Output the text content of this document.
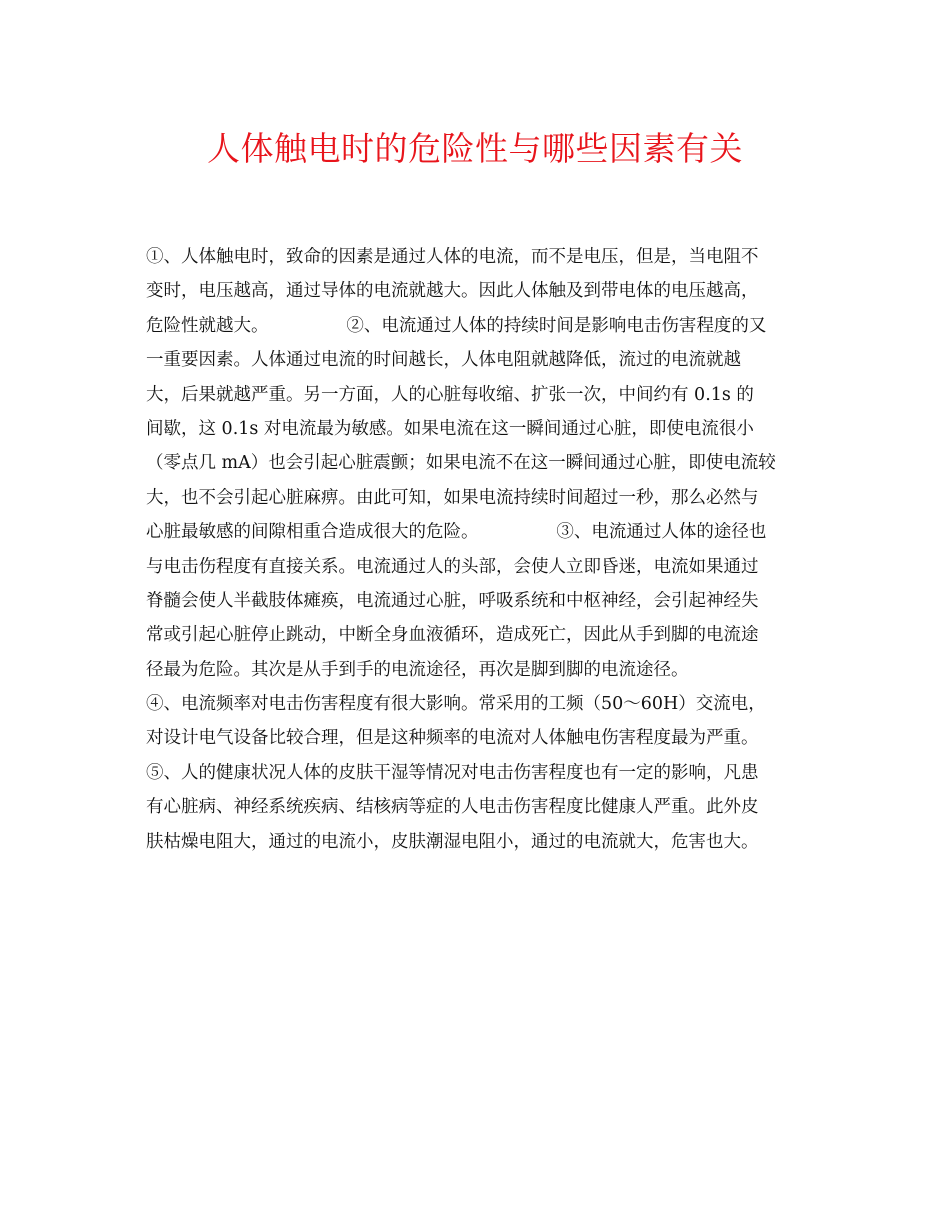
人体触电时的危险性与哪些因素有关
①、人体触电时，致命的因素是通过人体的电流，而不是电压，但是，当电阻不
变时，电压越高，通过导体的电流就越大。因此人体触及到带电体的电压越高，
危险性就越大。              ②、电流通过人体的持续时间是影响电击伤害程度的又
一重要因素。人体通过电流的时间越长，人体电阻就越降低，流过的电流就越
大，后果就越严重。另一方面，人的心脏每收缩、扩张一次，中间约有 0.1s 的
间歇，这 0.1s 对电流最为敏感。如果电流在这一瞬间通过心脏，即使电流很小
（零点几 mA）也会引起心脏震颤；如果电流不在这一瞬间通过心脏，即使电流较
大，也不会引起心脏麻痹。由此可知，如果电流持续时间超过一秒，那么必然与
心脏最敏感的间隙相重合造成很大的危险。              ③、电流通过人体的途径也
与电击伤程度有直接关系。电流通过人的头部，会使人立即昏迷，电流如果通过
脊髓会使人半截肢体瘫痪，电流通过心脏，呼吸系统和中枢神经，会引起神经失
常或引起心脏停止跳动，中断全身血液循环，造成死亡，因此从手到脚的电流途
径最为危险。其次是从手到手的电流途径，再次是脚到脚的电流途径。
④、电流频率对电击伤害程度有很大影响。常采用的工频（50～60H）交流电，
对设计电气设备比较合理，但是这种频率的电流对人体触电伤害程度最为严重。
⑤、人的健康状况人体的皮肤干湿等情况对电击伤害程度也有一定的影响，凡患
有心脏病、神经系统疾病、结核病等症的人电击伤害程度比健康人严重。此外皮
肤枯燥电阻大，通过的电流小，皮肤潮湿电阻小，通过的电流就大，危害也大。
